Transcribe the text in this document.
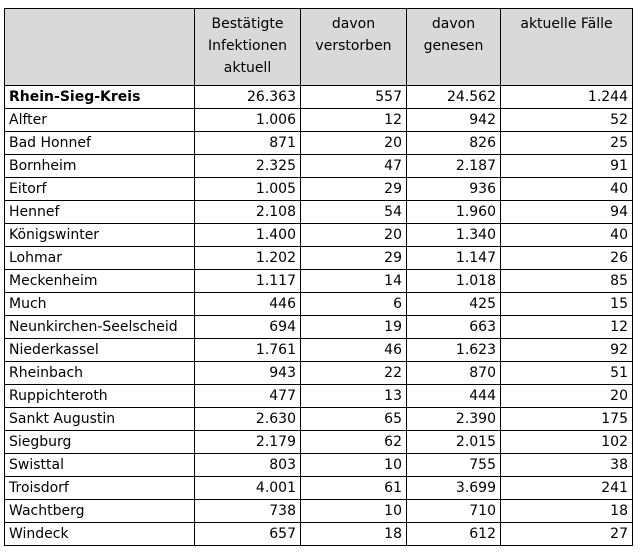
	Bestätigte Infektionen aktuell	davon verstorben	davon genesen	aktuelle Fälle
Rhein-Sieg-Kreis	26.363	557	24.562	1.244
Alfter	1.006	12	942	52
Bad Honnef	871	20	826	25
Bornheim	2.325	47	2.187	91
Eitorf	1.005	29	936	40
Hennef	2.108	54	1.960	94
Königswinter	1.400	20	1.340	40
Lohmar	1.202	29	1.147	26
Meckenheim	1.117	14	1.018	85
Much	446	6	425	15
Neunkirchen-Seelscheid	694	19	663	12
Niederkassel	1.761	46	1.623	92
Rheinbach	943	22	870	51
Ruppichteroth	477	13	444	20
Sankt Augustin	2.630	65	2.390	175
Siegburg	2.179	62	2.015	102
Swisttal	803	10	755	38
Troisdorf	4.001	61	3.699	241
Wachtberg	738	10	710	18
Windeck	657	18	612	27
